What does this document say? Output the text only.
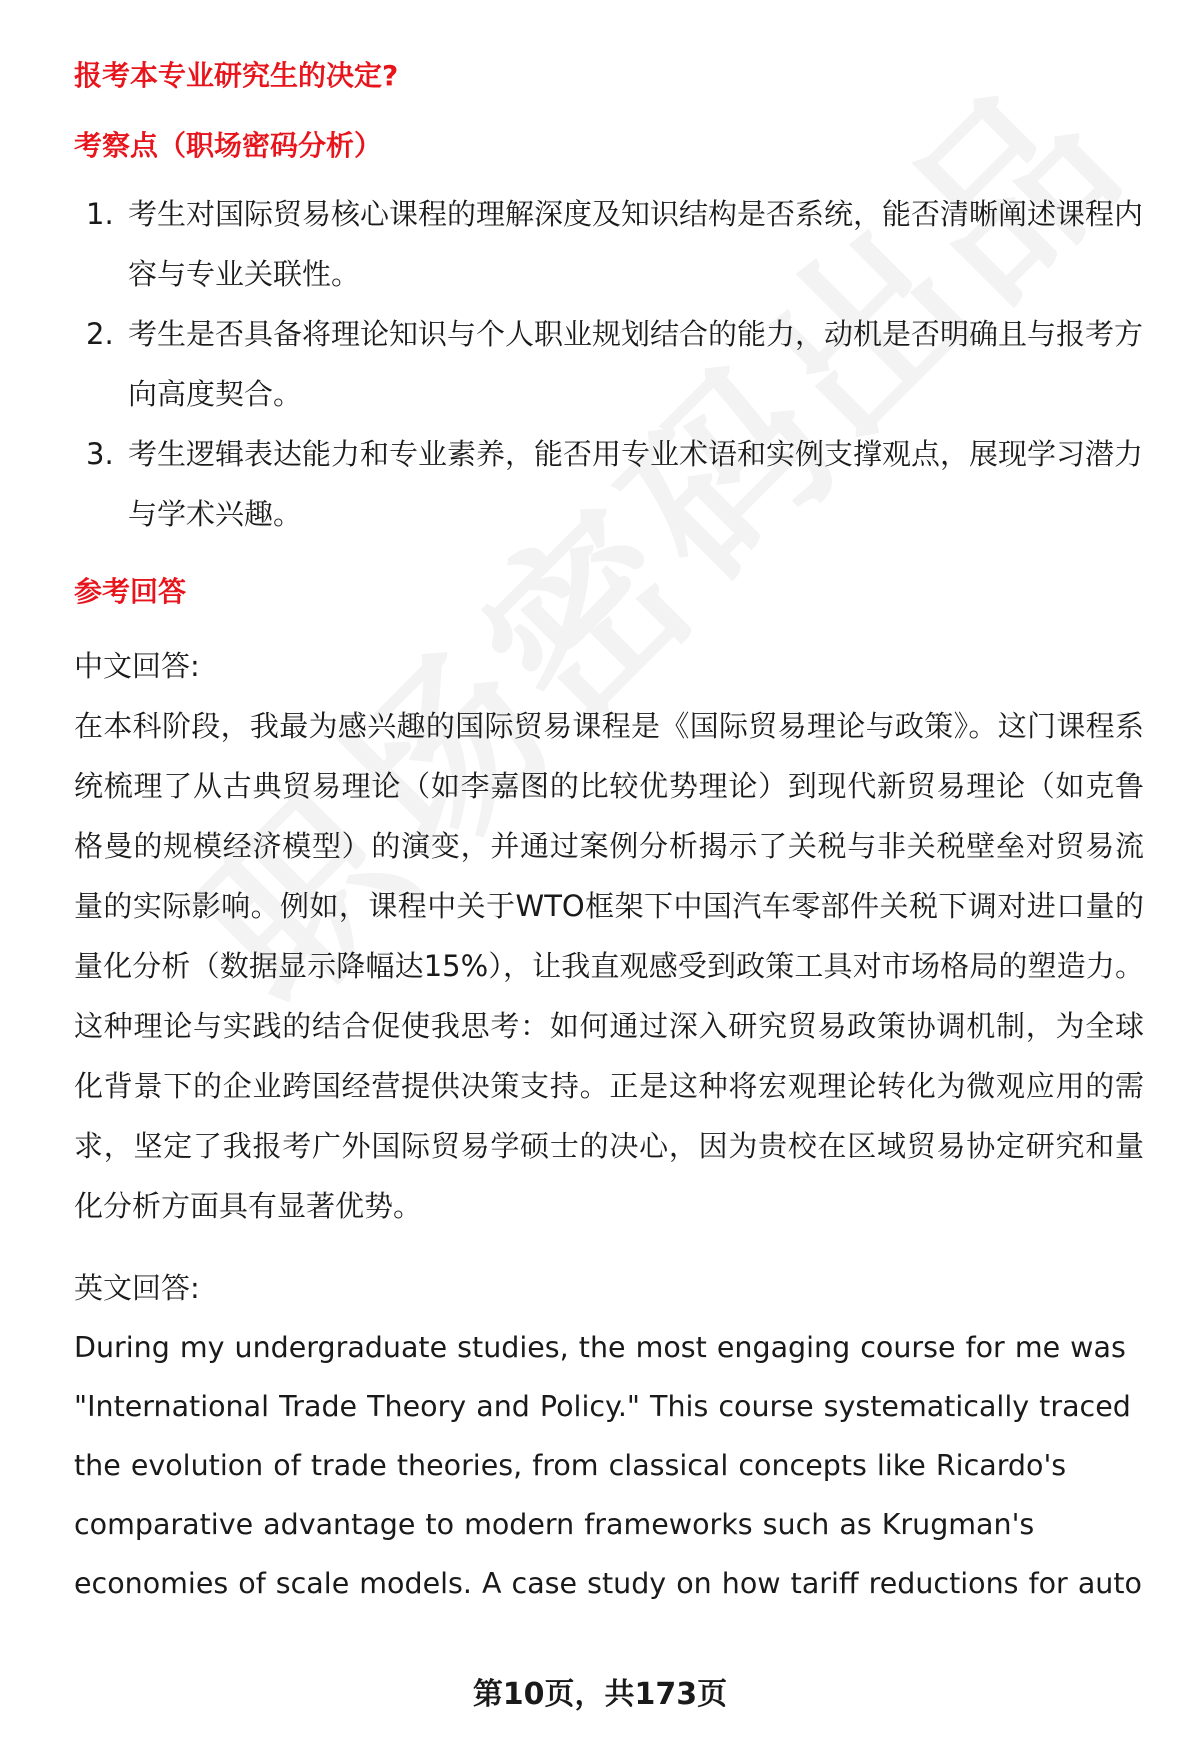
报考本专业研究生的决定?
考察点（职场密码分析）
1. 考生对国际贸易核心课程的理解深度及知识结构是否系统，能否清晰阐述课程内容与专业关联性。
2. 考生是否具备将理论知识与个人职业规划结合的能力，动机是否明确且与报考方向高度契合。
3. 考生逻辑表达能力和专业素养，能否用专业术语和实例支撑观点，展现学习潜力与学术兴趣。
参考回答

中文回答:

在本科阶段，我最为感兴趣的国际贸易课程是《国际贸易理论与政策》。这门课程系统梳理了从古典贸易理论（如李嘉图的比较优势理论）到现代新贸易理论（如克鲁格曼的规模经济模型）的演变，并通过案例分析揭示了关税与非关税壁垒对贸易流量的实际影响。例如，课程中关于WTO框架下中国汽车零部件关税下调对进口量的量化分析（数据显示降幅达15%），让我直观感受到政策工具对市场格局的塑造力。这种理论与实践的结合促使我思考：如何通过深入研究贸易政策协调机制，为全球化背景下的企业跨国经营提供决策支持。正是这种将宏观理论转化为微观应用的需求，坚定了我报考广外国际贸易学硕士的决心，因为贵校在区域贸易协定研究和量化分析方面具有显著优势。

英文回答:

During my undergraduate studies, the most engaging course for me was

"International Trade Theory and Policy." This course systematically traced

the evolution of trade theories, from classical concepts like Ricardo's

comparative advantage to modern frameworks such as Krugman's

economies of scale models. A case study on how tariff reductions for auto

第10页，共173页
